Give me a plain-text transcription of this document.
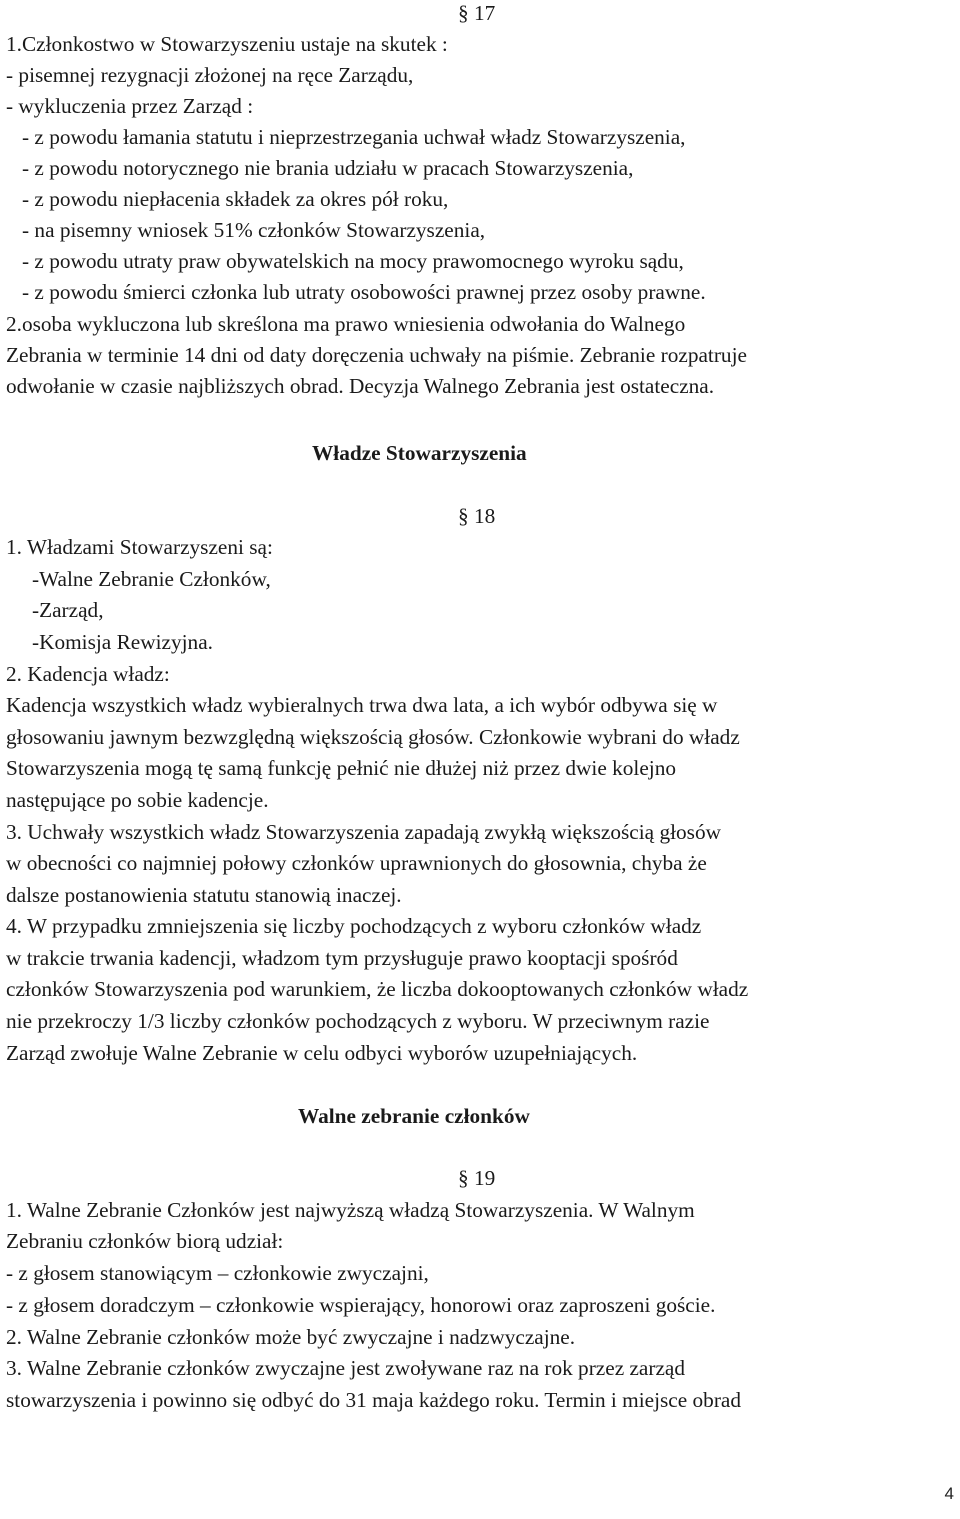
§ 17
1.Członkostwo w Stowarzyszeniu ustaje na skutek :
- pisemnej rezygnacji złożonej na ręce Zarządu,
- wykluczenia przez Zarząd :
- z powodu łamania statutu i nieprzestrzegania uchwał władz Stowarzyszenia,
- z powodu notorycznego nie brania udziału w pracach Stowarzyszenia,
- z powodu niepłacenia składek za okres pół roku,
- na pisemny wniosek 51% członków Stowarzyszenia,
- z powodu utraty praw obywatelskich na mocy prawomocnego wyroku sądu,
- z powodu śmierci członka lub utraty osobowości prawnej przez osoby prawne.
2.osoba wykluczona lub skreślona ma prawo wniesienia odwołania do Walnego
Zebrania w terminie 14 dni od daty doręczenia uchwały na piśmie. Zebranie rozpatruje
odwołanie w czasie najbliższych obrad. Decyzja Walnego Zebrania jest ostateczna.
Władze Stowarzyszenia
§ 18
1. Władzami Stowarzyszeni są:
-Walne Zebranie Członków,
-Zarząd,
-Komisja Rewizyjna.
2. Kadencja władz:
Kadencja wszystkich władz wybieralnych trwa dwa lata, a ich wybór odbywa się w
głosowaniu jawnym bezwzględną większością głosów. Członkowie wybrani do władz
Stowarzyszenia mogą tę samą funkcję pełnić nie dłużej niż przez dwie kolejno
następujące po sobie kadencje.
3. Uchwały wszystkich władz Stowarzyszenia zapadają zwykłą większością głosów
w obecności co najmniej połowy członków uprawnionych do głosownia, chyba że
dalsze postanowienia statutu stanowią inaczej.
4. W przypadku zmniejszenia się liczby pochodzących z wyboru członków władz
w trakcie trwania kadencji, władzom tym przysługuje prawo kooptacji spośród
członków Stowarzyszenia pod warunkiem, że liczba dokooptowanych członków władz
nie przekroczy 1/3 liczby członków pochodzących z wyboru. W przeciwnym razie
Zarząd zwołuje Walne Zebranie w celu odbyci wyborów uzupełniających.
Walne zebranie członków
§ 19
1. Walne Zebranie Członków jest najwyższą władzą Stowarzyszenia. W Walnym
Zebraniu członków biorą udział:
- z głosem stanowiącym – członkowie zwyczajni,
- z głosem doradczym – członkowie wspierający, honorowi oraz zaproszeni goście.
2. Walne Zebranie członków może być zwyczajne i nadzwyczajne.
3. Walne Zebranie członków zwyczajne jest zwoływane raz na rok przez zarząd
stowarzyszenia i powinno się odbyć do 31 maja każdego roku. Termin i miejsce obrad
4
